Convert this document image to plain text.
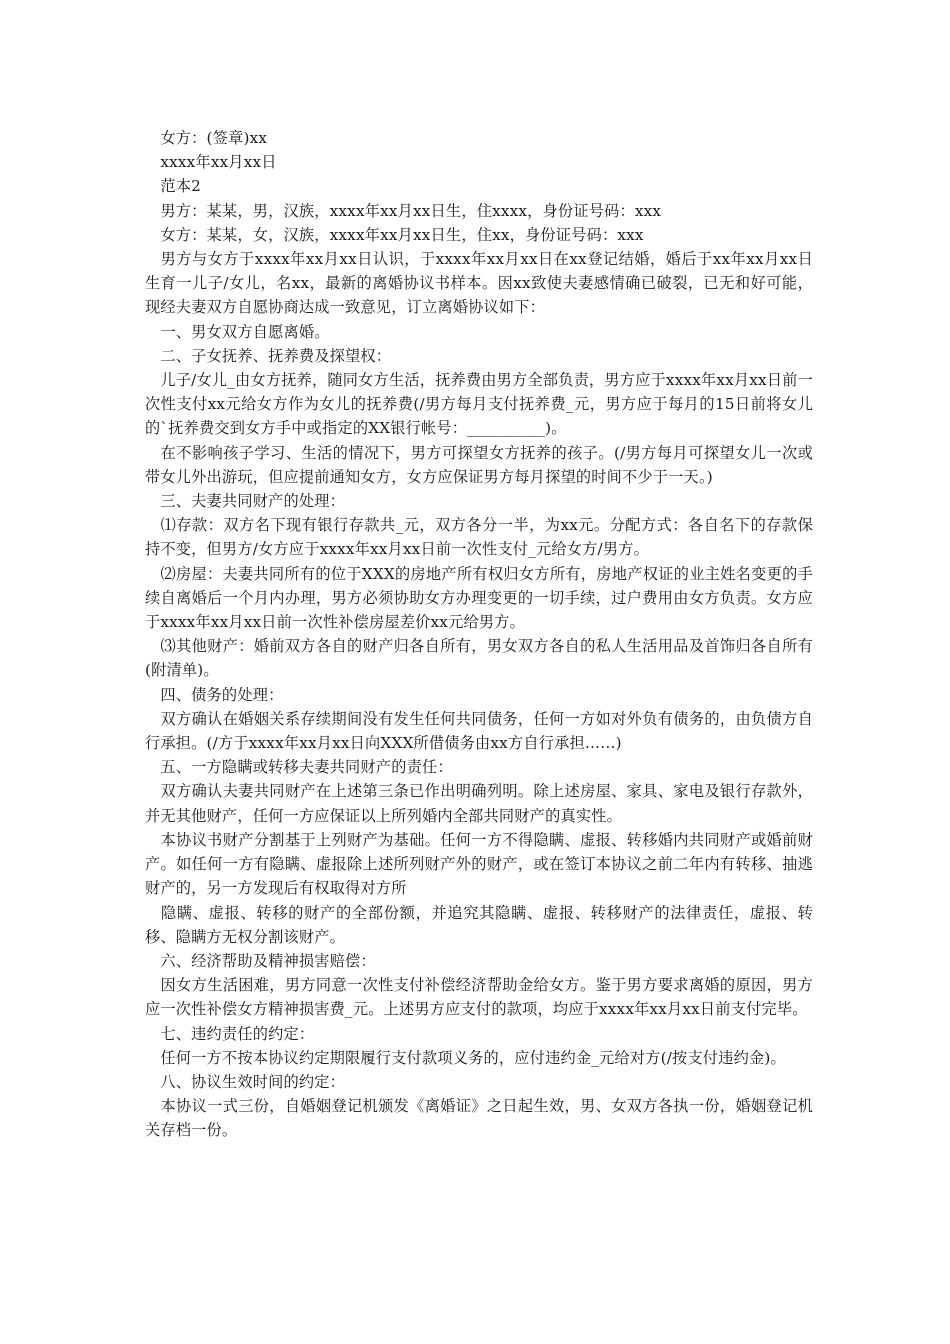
　女方：(签章)xx

　xxxx年xx月xx日

　范本2

　男方：某某，男，汉族，xxxx年xx月xx日生，住xxxx，身份证号码：xxx

　女方：某某，女，汉族，xxxx年xx月xx日生，住xx，身份证号码：xxx

　男方与女方于xxxx年xx月xx日认识，于xxxx年xx月xx日在xx登记结婚，婚后于xx年xx月xx日生育一儿子/女儿，名xx，最新的离婚协议书样本。因xx致使夫妻感情确已破裂，已无和好可能，现经夫妻双方自愿协商达成一致意见，订立离婚协议如下：

　一、男女双方自愿离婚。

　二、子女抚养、抚养费及探望权：

　儿子/女儿_由女方抚养，随同女方生活，抚养费由男方全部负责，男方应于xxxx年xx月xx日前一次性支付xx元给女方作为女儿的抚养费(/男方每月支付抚养费_元，男方应于每月的15日前将女儿的`抚养费交到女方手中或指定的XX银行帐号：__________)。

　在不影响孩子学习、生活的情况下，男方可探望女方抚养的孩子。(/男方每月可探望女儿一次或带女儿外出游玩，但应提前通知女方，女方应保证男方每月探望的时间不少于一天。)

　三、夫妻共同财产的处理：

　⑴存款：双方名下现有银行存款共_元，双方各分一半，为xx元。分配方式：各自名下的存款保持不变，但男方/女方应于xxxx年xx月xx日前一次性支付_元给女方/男方。

　⑵房屋：夫妻共同所有的位于XXX的房地产所有权归女方所有，房地产权证的业主姓名变更的手续自离婚后一个月内办理，男方必须协助女方办理变更的一切手续，过户费用由女方负责。女方应于xxxx年xx月xx日前一次性补偿房屋差价xx元给男方。

　⑶其他财产：婚前双方各自的财产归各自所有，男女双方各自的私人生活用品及首饰归各自所有(附清单)。

　四、债务的处理：

　双方确认在婚姻关系存续期间没有发生任何共同债务，任何一方如对外负有债务的，由负债方自行承担。(/方于xxxx年xx月xx日向XXX所借债务由xx方自行承担……)

　五、一方隐瞒或转移夫妻共同财产的责任：

　双方确认夫妻共同财产在上述第三条已作出明确列明。除上述房屋、家具、家电及银行存款外，并无其他财产，任何一方应保证以上所列婚内全部共同财产的真实性。

　本协议书财产分割基于上列财产为基础。任何一方不得隐瞒、虚报、转移婚内共同财产或婚前财产。如任何一方有隐瞒、虚报除上述所列财产外的财产，或在签订本协议之前二年内有转移、抽逃财产的，另一方发现后有权取得对方所

　隐瞒、虚报、转移的财产的全部份额，并追究其隐瞒、虚报、转移财产的法律责任，虚报、转移、隐瞒方无权分割该财产。

　六、经济帮助及精神损害赔偿：

　因女方生活困难，男方同意一次性支付补偿经济帮助金给女方。鉴于男方要求离婚的原因，男方应一次性补偿女方精神损害费_元。上述男方应支付的款项，均应于xxxx年xx月xx日前支付完毕。

　七、违约责任的约定：

　任何一方不按本协议约定期限履行支付款项义务的，应付违约金_元给对方(/按支付违约金)。

　八、协议生效时间的约定：

　本协议一式三份，自婚姻登记机颁发《离婚证》之日起生效，男、女双方各执一份，婚姻登记机关存档一份。
